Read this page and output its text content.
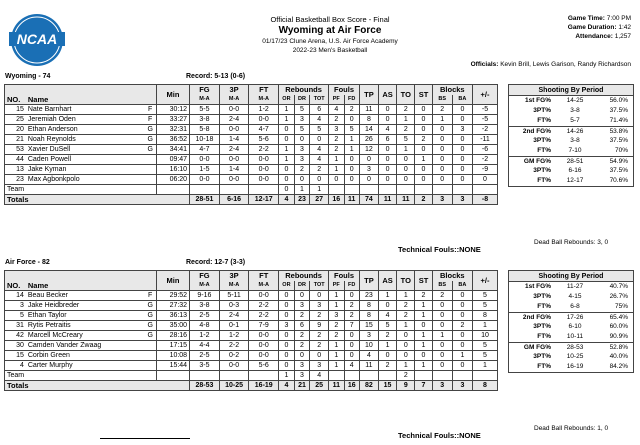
NCAA
Official Basketball Box Score - Final
Wyoming at Air Force
01/17/23 Clune Arena, U.S. Air Force Academy
2022-23 Men's Basketball
Game Time: 7:00 PM
Game Duration: 1:42
Attendance: 1,257
Officials: Kevin Brill, Lewis Garison, Randy Richardson
Wyoming - 74	Record: 5-13 (0-6)
			Min	FG	3P	FT	Rebounds			Fouls		TP	AS	TO	ST	Blocks		+/-
NO.	Name			M-A	M-A	M-A	OR	DR	TOT	PF	FD					BS	BA	
15	Nate Barnhart	F	30:12	5-5	0-0	1-2	1	5	6	4	2	11	0	2	0	2	0	-5
25	Jeremiah Oden	F	33:27	3-8	2-4	0-0	1	3	4	2	0	8	0	1	0	1	0	-5
20	Ethan Anderson	G	32:31	5-8	0-0	4-7	0	5	5	3	5	14	4	2	0	0	3	-2
21	Noah Reynolds	G	36:52	10-18	1-4	5-6	0	0	0	2	1	26	6	5	2	0	0	-11
53	Xavier DuSell	G	34:41	4-7	2-4	2-2	1	3	4	2	1	12	0	1	0	0	0	-6
44	Caden Powell		09:47	0-0	0-0	0-0	1	3	4	1	0	0	0	0	1	0	0	-2
13	Jake Kyman		16:10	1-5	1-4	0-0	0	2	2	1	0	3	0	0	0	0	0	-9
23	Max Agbonkpolo		06:20	0-0	0-0	0-0	0	0	0	0	0	0	0	0	0	0	0	0
Team							0	1	1									
Totals				28-51	6-16	12-17	4	23	27	16	11	74	11	11	2	3	3	-8
Technical Fouls::NONE
Shooting By Period
1st FG%	14-25	56.0%
3PT%	3-8	37.5%
FT%	5-7	71.4%
2nd FG%	14-26	53.8%
3PT%	3-8	37.5%
FT%	7-10	70%
GM FG%	28-51	54.9%
3PT%	6-16	37.5%
FT%	12-17	70.6%
Dead Ball Rebounds: 3, 0
Air Force - 82	Record: 12-7 (3-3)
			Min	FG	3P	FT	Rebounds			Fouls		TP	AS	TO	ST	Blocks		+/-
NO.	Name			M-A	M-A	M-A	OR	DR	TOT	PF	FD					BS	BA	
14	Beau Becker	F	29:52	9-16	5-11	0-0	0	0	0	1	0	23	1	1	2	2	0	5
3	Jake Heidbreder	G	27:32	3-8	0-3	2-2	0	3	3	1	2	8	0	2	1	0	0	5
5	Ethan Taylor	G	36:13	2-5	2-4	2-2	0	2	2	3	2	8	4	2	1	0	0	8
31	Rytis Petraitis	G	35:00	4-8	0-1	7-9	3	6	9	2	7	15	5	1	0	0	2	1
42	Marcell McCreary	G	28:16	1-2	1-2	0-0	0	2	2	2	0	3	2	0	1	1	0	10
30	Camden Vander Zwaag		17:15	4-4	2-2	0-0	0	2	2	1	0	10	1	0	1	0	0	5
15	Corbin Green		10:08	2-5	0-2	0-0	0	0	0	1	0	4	0	0	0	0	1	5
4	Carter Murphy		15:44	3-5	0-0	5-6	0	3	3	1	4	11	2	1	1	0	0	1
Team							1	3	4					2				
Totals				28-53	10-25	16-19	4	21	25	11	16	82	15	9	7	3	3	8
Technical Fouls::NONE
Shooting By Period
1st FG%	11-27	40.7%
3PT%	4-15	26.7%
FT%	6-8	75%
2nd FG%	17-26	65.4%
3PT%	6-10	60.0%
FT%	10-11	90.9%
GM FG%	28-53	52.8%
3PT%	10-25	40.0%
FT%	16-19	84.2%
Dead Ball Rebounds: 1, 0
